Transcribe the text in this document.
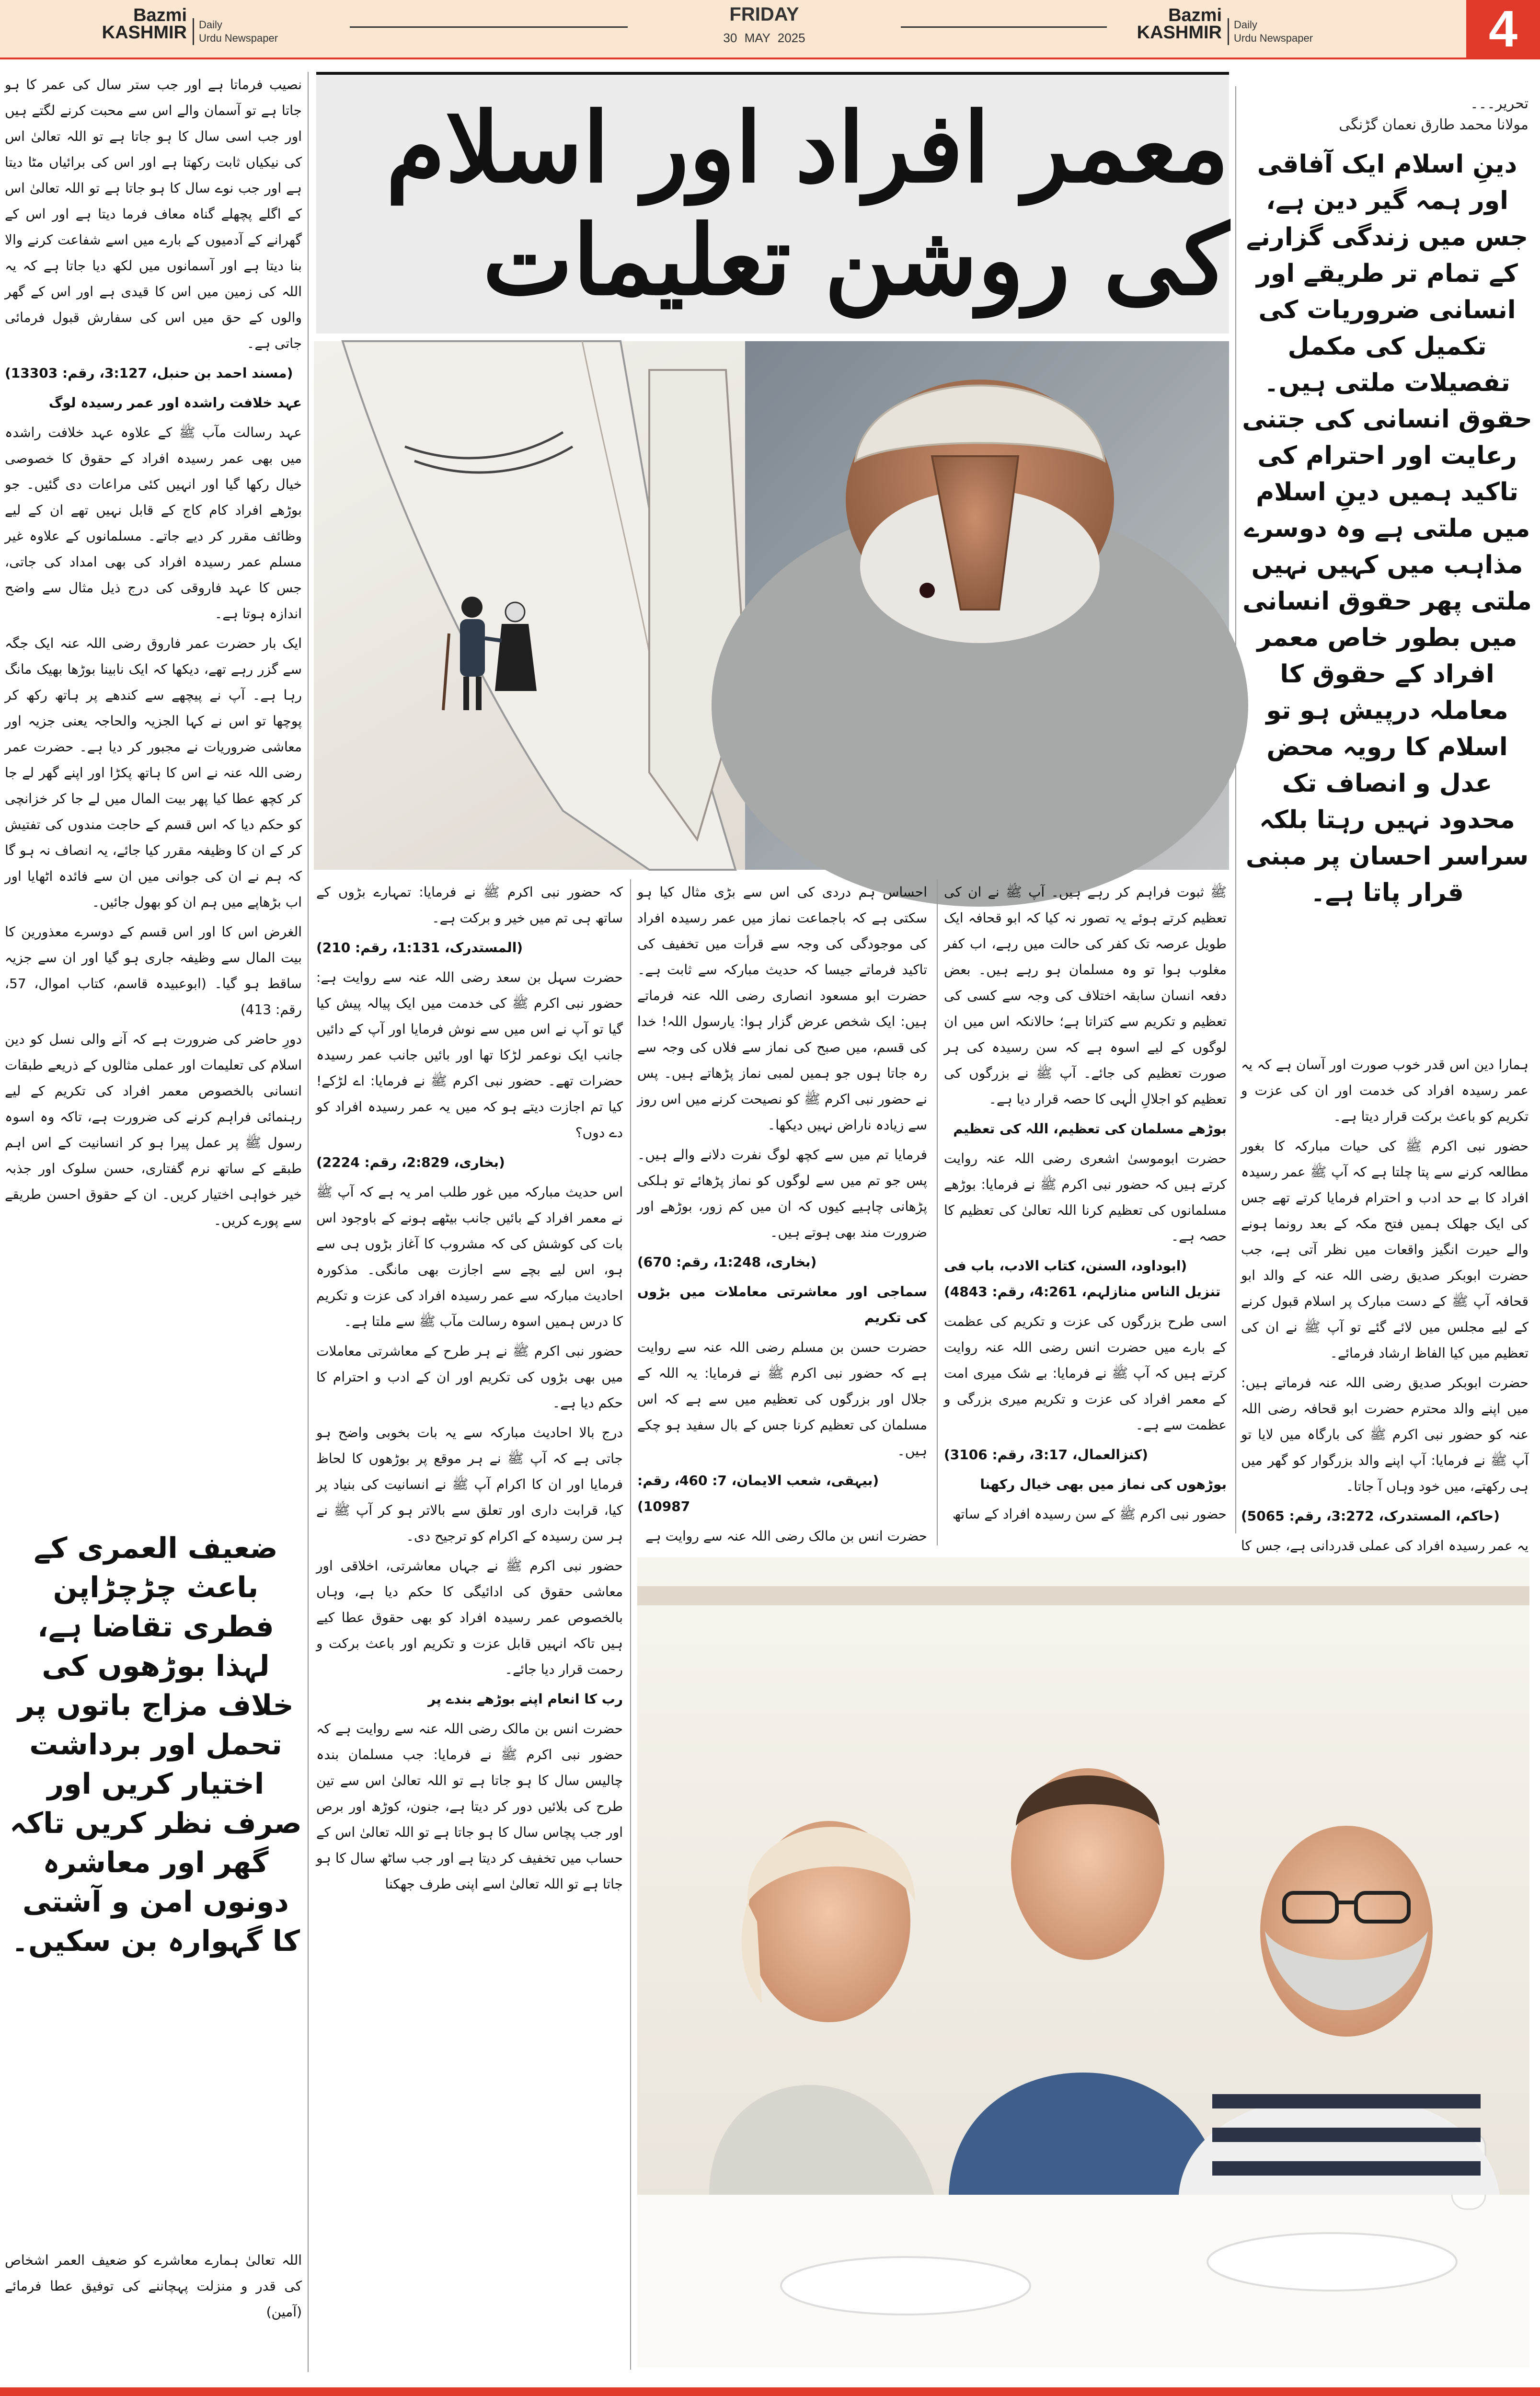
Bazmi
KASHMIR Daily
Urdu Newspaper
FRIDAY
30 MAY 2025
Bazmi
KASHMIR Daily
Urdu Newspaper	4
معمر افراد اور اسلام کی روشن تعلیمات
تحریر۔۔۔
مولانا محمد طارق نعمان گڑنگی
دینِ اسلام ایک آفاقی اور ہمہ گیر دین ہے، جس میں زندگی گزارنے کے تمام تر طریقے اور انسانی ضروریات کی تکمیل کی مکمل تفصیلات ملتی ہیں۔ حقوق انسانی کی جتنی رعایت اور احترام کی تاکید ہمیں دینِ اسلام میں ملتی ہے وہ دوسرے مذاہب میں کہیں نہیں ملتی پھر حقوق انسانی میں بطور خاص معمر افراد کے حقوق کا معاملہ درپیش ہو تو اسلام کا رویہ محض عدل و انصاف تک محدود نہیں رہتا بلکہ سراسر احسان پر مبنی قرار پاتا ہے۔

ہمارا دین اس قدر خوب صورت اور آسان ہے کہ یہ عمر رسیدہ افراد کی خدمت اور ان کی عزت و تکریم کو باعث برکت قرار دیتا ہے۔

حضور نبی اکرم ﷺ کی حیات مبارکہ کا بغور مطالعہ کرنے سے پتا چلتا ہے کہ آپ ﷺ عمر رسیدہ افراد کا بے حد ادب و احترام فرمایا کرتے تھے جس کی ایک جھلک ہمیں فتح مکہ کے بعد رونما ہونے والے حیرت انگیز واقعات میں نظر آتی ہے، جب حضرت ابوبکر صدیق رضی اللہ عنہ کے والد ابو قحافہ آپ ﷺ کے دست مبارک پر اسلام قبول کرنے کے لیے مجلس میں لائے گئے تو آپ ﷺ نے ان کی تعظیم میں کیا الفاظ ارشاد فرمائے۔

حضرت ابوبکر صدیق رضی اللہ عنہ فرماتے ہیں: میں اپنے والد محترم حضرت ابو قحافہ رضی اللہ عنہ کو حضور نبی اکرم ﷺ کی بارگاہ میں لایا تو آپ ﷺ نے فرمایا: آپ اپنے والد بزرگوار کو گھر میں ہی رکھتے، میں خود وہاں آ جاتا۔

(حاکم، المستدرک، 3:272، رقم: 5065)

یہ عمر رسیدہ افراد کی عملی قدردانی ہے، جس کا

نصیب فرماتا ہے اور جب ستر سال کی عمر کا ہو جاتا ہے تو آسمان والے اس سے محبت کرنے لگتے ہیں اور جب اسی سال کا ہو جاتا ہے تو اللہ تعالیٰ اس کی نیکیاں ثابت رکھتا ہے اور اس کی برائیاں مٹا دیتا ہے اور جب نوے سال کا ہو جاتا ہے تو اللہ تعالیٰ اس کے اگلے پچھلے گناہ معاف فرما دیتا ہے اور اس کے گھرانے کے آدمیوں کے بارے میں اسے شفاعت کرنے والا بنا دیتا ہے اور آسمانوں میں لکھ دیا جاتا ہے کہ یہ اللہ کی زمین میں اس کا قیدی ہے اور اس کے گھر والوں کے حق میں اس کی سفارش قبول فرمائی جاتی ہے۔

(مسند احمد بن حنبل، 3:127، رقم: 13303)

عہد خلافت راشدہ اور عمر رسیدہ لوگ

عہد رسالت مآب ﷺ کے علاوہ عہد خلافت راشدہ میں بھی عمر رسیدہ افراد کے حقوق کا خصوصی خیال رکھا گیا اور انہیں کئی مراعات دی گئیں۔ جو بوڑھے افراد کام کاج کے قابل نہیں تھے ان کے لیے وظائف مقرر کر دیے جاتے۔ مسلمانوں کے علاوہ غیر مسلم عمر رسیدہ افراد کی بھی امداد کی جاتی، جس کا عہد فاروقی کی درج ذیل مثال سے واضح اندازہ ہوتا ہے۔

ایک بار حضرت عمر فاروق رضی اللہ عنہ ایک جگہ سے گزر رہے تھے، دیکھا کہ ایک نابینا بوڑھا بھیک مانگ رہا ہے۔ آپ نے پیچھے سے کندھے پر ہاتھ رکھ کر پوچھا تو اس نے کہا الجزیہ والحاجہ یعنی جزیہ اور معاشی ضروریات نے مجبور کر دیا ہے۔ حضرت عمر رضی اللہ عنہ نے اس کا ہاتھ پکڑا اور اپنے گھر لے جا کر کچھ عطا کیا پھر بیت المال میں لے جا کر خزانچی کو حکم دیا کہ اس قسم کے حاجت مندوں کی تفتیش کر کے ان کا وظیفہ مقرر کیا جائے، یہ انصاف نہ ہو گا کہ ہم نے ان کی جوانی میں ان سے فائدہ اٹھایا اور اب بڑھاپے میں ہم ان کو بھول جائیں۔

الغرض اس کا اور اس قسم کے دوسرے معذورین کا بیت المال سے وظیفہ جاری ہو گیا اور ان سے جزیہ ساقط ہو گیا۔ (ابوعبیدہ قاسم، کتاب اموال، 57، رقم: 413)

دورِ حاضر کی ضرورت ہے کہ آنے والی نسل کو دین اسلام کی تعلیمات اور عملی مثالوں کے ذریعے طبقات انسانی بالخصوص معمر افراد کی تکریم کے لیے رہنمائی فراہم کرنے کی ضرورت ہے، تاکہ وہ اسوہ رسول ﷺ پر عمل پیرا ہو کر انسانیت کے اس اہم طبقے کے ساتھ نرم گفتاری، حسن سلوک اور جذبہ خیر خواہی اختیار کریں۔ ان کے حقوق احسن طریقے سے پورے کریں۔

ضعیف العمری کے باعث چڑچڑاپن فطری تقاضا ہے، لہذا بوڑھوں کی خلاف مزاج باتوں پر تحمل اور برداشت اختیار کریں اور صرف نظر کریں تاکہ گھر اور معاشرہ دونوں امن و آشتی کا گہوارہ بن سکیں۔

اللہ تعالیٰ ہمارے معاشرے کو ضعیف العمر اشخاص کی قدر و منزلت پہچاننے کی توفیق عطا فرمائے (آمین)

ﷺ ثبوت فراہم کر رہے ہیں۔ آپ ﷺ نے ان کی تعظیم کرتے ہوئے یہ تصور نہ کیا کہ ابو قحافہ ایک طویل عرصہ تک کفر کی حالت میں رہے، اب کفر مغلوب ہوا تو وہ مسلمان ہو رہے ہیں۔ بعض دفعہ انسان سابقہ اختلاف کی وجہ سے کسی کی تعظیم و تکریم سے کتراتا ہے؛ حالانکہ اس میں ان لوگوں کے لیے اسوہ ہے کہ سن رسیدہ کی ہر صورت تعظیم کی جائے۔ آپ ﷺ نے بزرگوں کی تعظیم کو اجلالِ الٰہی کا حصہ قرار دیا ہے۔

بوڑھے مسلمان کی تعظیم، اللہ کی تعظیم

حضرت ابوموسیٰ اشعری رضی اللہ عنہ روایت کرتے ہیں کہ حضور نبی اکرم ﷺ نے فرمایا: بوڑھے مسلمانوں کی تعظیم کرنا اللہ تعالیٰ کی تعظیم کا حصہ ہے۔

(ابوداود، السنن، کتاب الادب، باب فی تنزیل الناس منازلہم، 4:261، رقم: 4843)

اسی طرح بزرگوں کی عزت و تکریم کی عظمت کے بارے میں حضرت انس رضی اللہ عنہ روایت کرتے ہیں کہ آپ ﷺ نے فرمایا: بے شک میری امت کے معمر افراد کی عزت و تکریم میری بزرگی و عظمت سے ہے۔

(کنزالعمال، 3:17، رقم: 3106)

بوڑھوں کی نماز میں بھی خیال رکھنا

حضور نبی اکرم ﷺ کے سن رسیدہ افراد کے ساتھ

احساس ہم دردی کی اس سے بڑی مثال کیا ہو سکتی ہے کہ باجماعت نماز میں عمر رسیدہ افراد کی موجودگی کی وجہ سے قرأت میں تخفیف کی تاکید فرماتے جیسا کہ حدیث مبارکہ سے ثابت ہے۔ حضرت ابو مسعود انصاری رضی اللہ عنہ فرماتے ہیں: ایک شخص عرض گزار ہوا: یارسول اللہ! خدا کی قسم، میں صبح کی نماز سے فلاں کی وجہ سے رہ جاتا ہوں جو ہمیں لمبی نماز پڑھاتے ہیں۔ پس نے حضور نبی اکرم ﷺ کو نصیحت کرنے میں اس روز سے زیادہ ناراض نہیں دیکھا۔

فرمایا تم میں سے کچھ لوگ نفرت دلانے والے ہیں۔ پس جو تم میں سے لوگوں کو نماز پڑھائے تو ہلکی پڑھانی چاہیے کیوں کہ ان میں کم زور، بوڑھے اور ضرورت مند بھی ہوتے ہیں۔

(بخاری، 1:248، رقم: 670)

سماجی اور معاشرتی معاملات میں بڑوں کی تکریم

حضرت حسن بن مسلم رضی اللہ عنہ سے روایت ہے کہ حضور نبی اکرم ﷺ نے فرمایا: یہ اللہ کے جلال اور بزرگوں کی تعظیم میں سے ہے کہ اس مسلمان کی تعظیم کرنا جس کے بال سفید ہو چکے ہیں۔

(بیہقی، شعب الایمان، 7: 460، رقم: 10987)

حضرت انس بن مالک رضی اللہ عنہ سے روایت ہے

کہ حضور نبی اکرم ﷺ نے فرمایا: تمہارے بڑوں کے ساتھ ہی تم میں خیر و برکت ہے۔

(المستدرک، 1:131، رقم: 210)

حضرت سہل بن سعد رضی اللہ عنہ سے روایت ہے: حضور نبی اکرم ﷺ کی خدمت میں ایک پیالہ پیش کیا گیا تو آپ نے اس میں سے نوش فرمایا اور آپ کے دائیں جانب ایک نوعمر لڑکا تھا اور بائیں جانب عمر رسیدہ حضرات تھے۔ حضور نبی اکرم ﷺ نے فرمایا: اے لڑکے! کیا تم اجازت دیتے ہو کہ میں یہ عمر رسیدہ افراد کو دے دوں؟

(بخاری، 2:829، رقم: 2224)

اس حدیث مبارکہ میں غور طلب امر یہ ہے کہ آپ ﷺ نے معمر افراد کے بائیں جانب بیٹھے ہونے کے باوجود اس بات کی کوشش کی کہ مشروب کا آغاز بڑوں ہی سے ہو، اس لیے بچے سے اجازت بھی مانگی۔ مذکورہ احادیث مبارکہ سے عمر رسیدہ افراد کی عزت و تکریم کا درس ہمیں اسوہ رسالت مآب ﷺ سے ملتا ہے۔

حضور نبی اکرم ﷺ نے ہر طرح کے معاشرتی معاملات میں بھی بڑوں کی تکریم اور ان کے ادب و احترام کا حکم دیا ہے۔

درج بالا احادیث مبارکہ سے یہ بات بخوبی واضح ہو جاتی ہے کہ آپ ﷺ نے ہر موقع پر بوڑھوں کا لحاظ فرمایا اور ان کا اکرام آپ ﷺ نے انسانیت کی بنیاد پر کیا، قرابت داری اور تعلق سے بالاتر ہو کر آپ ﷺ نے ہر سن رسیدہ کے اکرام کو ترجیح دی۔

حضور نبی اکرم ﷺ نے جہاں معاشرتی، اخلاقی اور معاشی حقوق کی ادائیگی کا حکم دیا ہے، وہاں بالخصوص عمر رسیدہ افراد کو بھی حقوق عطا کیے ہیں تاکہ انہیں قابل عزت و تکریم اور باعث برکت و رحمت قرار دیا جائے۔

رب کا انعام اپنے بوڑھے بندے پر

حضرت انس بن مالک رضی اللہ عنہ سے روایت ہے کہ حضور نبی اکرم ﷺ نے فرمایا: جب مسلمان بندہ چالیس سال کا ہو جاتا ہے تو اللہ تعالیٰ اس سے تین طرح کی بلائیں دور کر دیتا ہے، جنون، کوڑھ اور برص اور جب پچاس سال کا ہو جاتا ہے تو اللہ تعالیٰ اس کے حساب میں تخفیف کر دیتا ہے اور جب ساٹھ سال کا ہو جاتا ہے تو اللہ تعالیٰ اسے اپنی طرف جھکنا
